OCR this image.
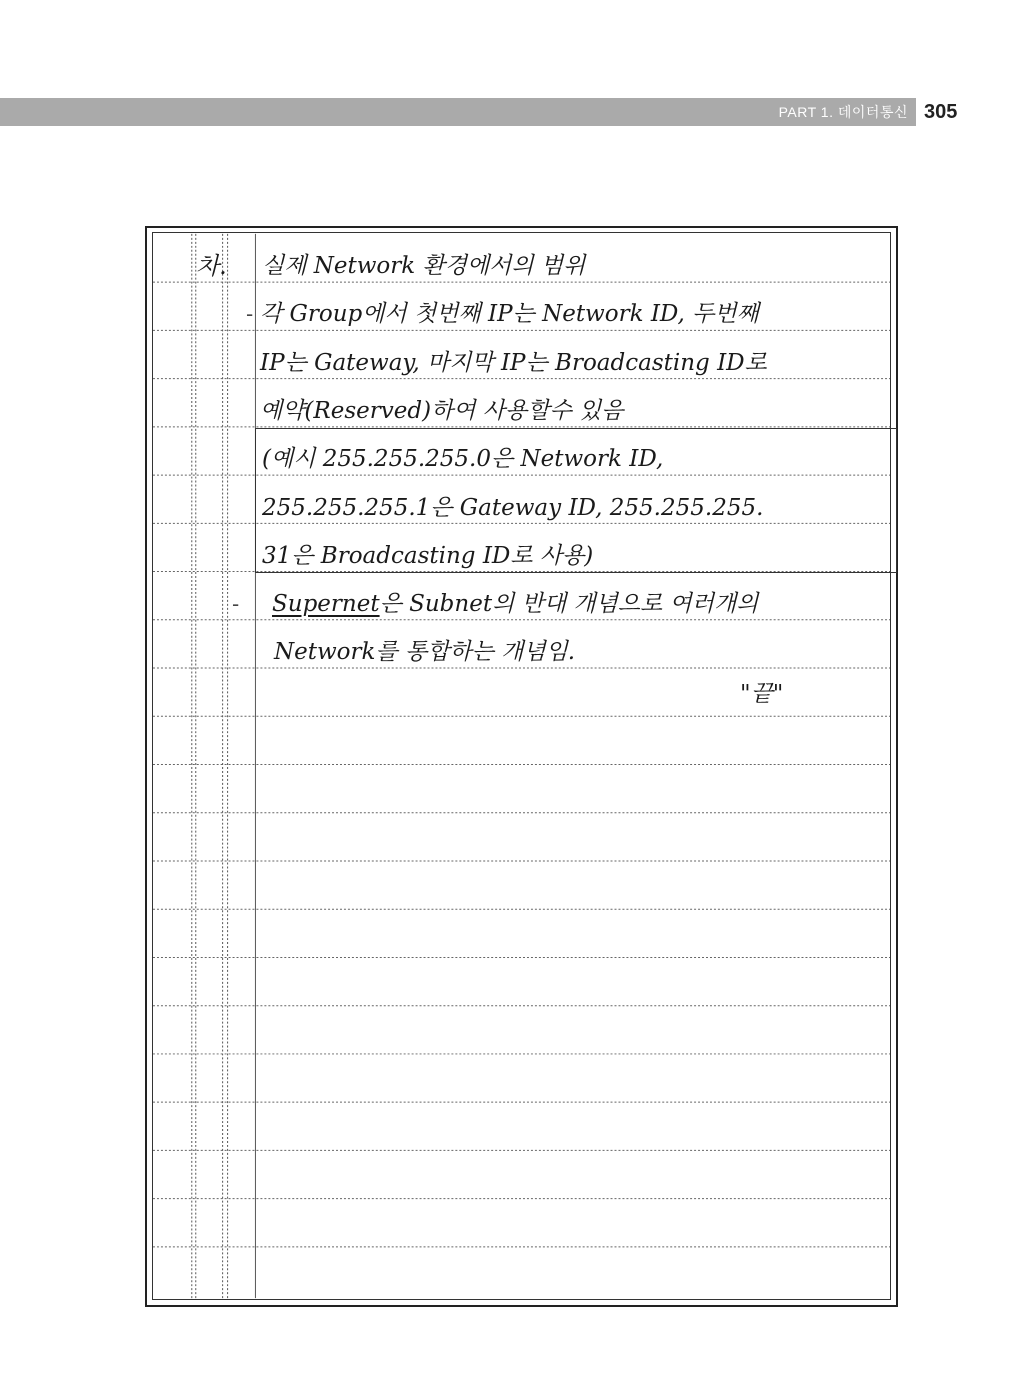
PART 1. 데이터통신 305
차. 실제 Network 환경에서의 범위
- 각 Group에서 첫번째 IP는 Network ID, 두번째
IP는 Gateway, 마지막 IP는 Broadcasting ID로
예약(Reserved)하여 사용할수 있음
(예시 255.255.255.0은 Network ID,
255.255.255.1은 Gateway ID, 255.255.255.
31은 Broadcasting ID로 사용)
- Supernet은 Subnet의 반대 개념으로 여러개의
Network를 통합하는 개념임.
"끝"
